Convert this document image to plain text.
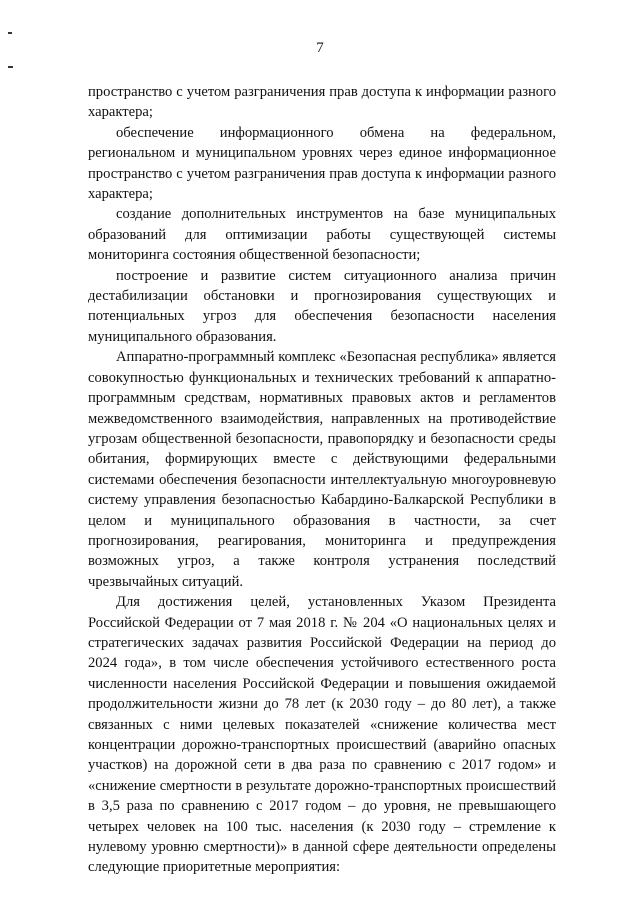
7

пространство с учетом разграничения прав доступа к информации разного характера;

обеспечение информационного обмена на федеральном, региональном и муниципальном уровнях через единое информационное пространство с учетом разграничения прав доступа к информации разного характера;

создание дополнительных инструментов на базе муниципальных образований для оптимизации работы существующей системы мониторинга состояния общественной безопасности;

построение и развитие систем ситуационного анализа причин дестабилизации обстановки и прогнозирования существующих и потенциальных угроз для обеспечения безопасности населения муниципального образования.

Аппаратно-программный комплекс «Безопасная республика» является совокупностью функциональных и технических требований к аппаратно-программным средствам, нормативных правовых актов и регламентов межведомственного взаимодействия, направленных на противодействие угрозам общественной безопасности, правопорядку и безопасности среды обитания, формирующих вместе с действующими федеральными системами обеспечения безопасности интеллектуальную многоуровневую систему управления безопасностью Кабардино-Балкарской Республики в целом и муниципального образования в частности, за счет прогнозирования, реагирования, мониторинга и предупреждения возможных угроз, а также контроля устранения последствий чрезвычайных ситуаций.

Для достижения целей, установленных Указом Президента Российской Федерации от 7 мая 2018 г. № 204 «О национальных целях и стратегических задачах развития Российской Федерации на период до 2024 года», в том числе обеспечения устойчивого естественного роста численности населения Российской Федерации и повышения ожидаемой продолжительности жизни до 78 лет (к 2030 году – до 80 лет), а также связанных с ними целевых показателей «снижение количества мест концентрации дорожно-транспортных происшествий (аварийно опасных участков) на дорожной сети в два раза по сравнению с 2017 годом» и «снижение смертности в результате дорожно-транспортных происшествий в 3,5 раза по сравнению с 2017 годом – до уровня, не превышающего четырех человек на 100 тыс. населения (к 2030 году – стремление к нулевому уровню смертности)» в данной сфере деятельности определены следующие приоритетные мероприятия:
